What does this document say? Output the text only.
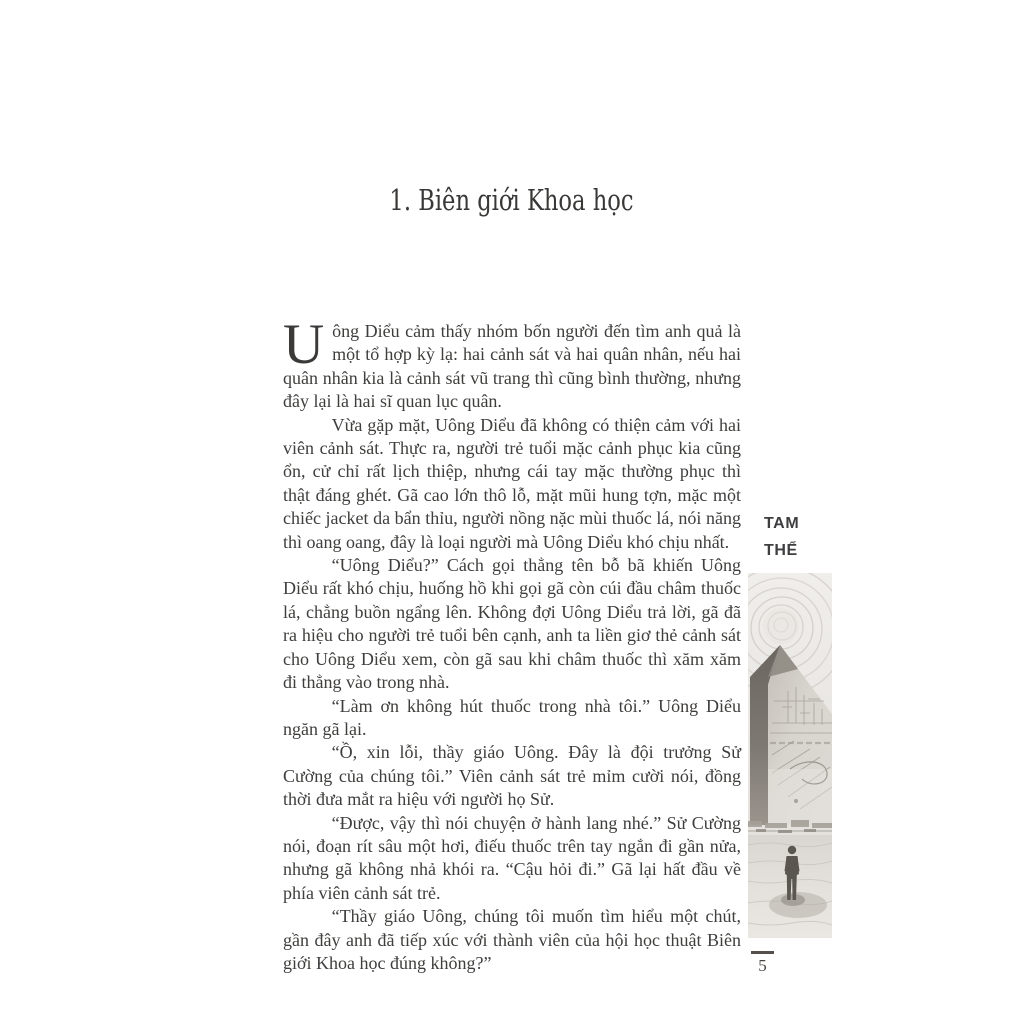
1. Biên giới Khoa học

Uông Diểu cảm thấy nhóm bốn người đến tìm anh quả là một tổ hợp kỳ lạ: hai cảnh sát và hai quân nhân, nếu hai quân nhân kia là cảnh sát vũ trang thì cũng bình thường, nhưng đây lại là hai sĩ quan lục quân.

Vừa gặp mặt, Uông Diểu đã không có thiện cảm với hai viên cảnh sát. Thực ra, người trẻ tuổi mặc cảnh phục kia cũng ổn, cử chỉ rất lịch thiệp, nhưng cái tay mặc thường phục thì thật đáng ghét. Gã cao lớn thô lỗ, mặt mũi hung tợn, mặc một chiếc jacket da bẩn thỉu, người nồng nặc mùi thuốc lá, nói năng thì oang oang, đây là loại người mà Uông Diểu khó chịu nhất.

“Uông Diểu?” Cách gọi thẳng tên bỗ bã khiến Uông Diểu rất khó chịu, huống hồ khi gọi gã còn cúi đầu châm thuốc lá, chẳng buồn ngẩng lên. Không đợi Uông Diểu trả lời, gã đã ra hiệu cho người trẻ tuổi bên cạnh, anh ta liền giơ thẻ cảnh sát cho Uông Diểu xem, còn gã sau khi châm thuốc thì xăm xăm đi thẳng vào trong nhà.

“Làm ơn không hút thuốc trong nhà tôi.” Uông Diểu ngăn gã lại.

“Ồ, xin lỗi, thầy giáo Uông. Đây là đội trưởng Sử Cường của chúng tôi.” Viên cảnh sát trẻ mỉm cười nói, đồng thời đưa mắt ra hiệu với người họ Sử.

“Được, vậy thì nói chuyện ở hành lang nhé.” Sử Cường nói, đoạn rít sâu một hơi, điếu thuốc trên tay ngắn đi gần nửa, nhưng gã không nhả khói ra. “Cậu hỏi đi.” Gã lại hất đầu về phía viên cảnh sát trẻ.

“Thầy giáo Uông, chúng tôi muốn tìm hiểu một chút, gần đây anh đã tiếp xúc với thành viên của hội học thuật Biên giới Khoa học đúng không?”

TAM
THỂ
5
